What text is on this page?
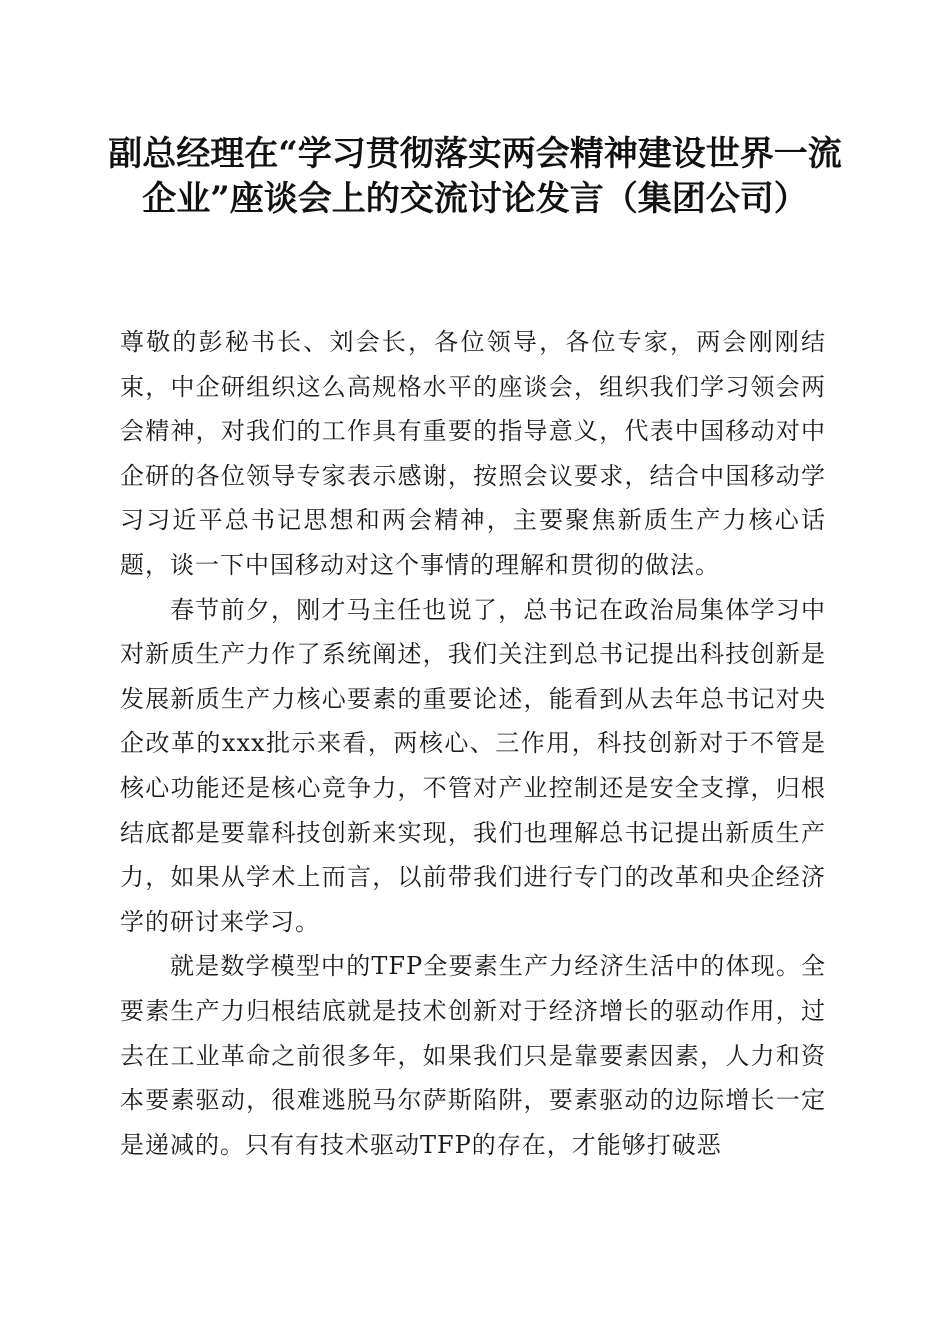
副总经理在“学习贯彻落实两会精神建设世界一流企业”座谈会上的交流讨论发言（集团公司）

尊敬的彭秘书长、刘会长，各位领导，各位专家，两会刚刚结束，中企研组织这么高规格水平的座谈会，组织我们学习领会两会精神，对我们的工作具有重要的指导意义，代表中国移动对中企研的各位领导专家表示感谢，按照会议要求，结合中国移动学习习近平总书记思想和两会精神，主要聚焦新质生产力核心话题，谈一下中国移动对这个事情的理解和贯彻的做法。

春节前夕，刚才马主任也说了，总书记在政治局集体学习中对新质生产力作了系统阐述，我们关注到总书记提出科技创新是发展新质生产力核心要素的重要论述，能看到从去年总书记对央企改革的xxx批示来看，两核心、三作用，科技创新对于不管是核心功能还是核心竞争力，不管对产业控制还是安全支撑，归根结底都是要靠科技创新来实现，我们也理解总书记提出新质生产力，如果从学术上而言，以前带我们进行专门的改革和央企经济学的研讨来学习。

就是数学模型中的TFP全要素生产力经济生活中的体现。全要素生产力归根结底就是技术创新对于经济增长的驱动作用，过去在工业革命之前很多年，如果我们只是靠要素因素，人力和资本要素驱动，很难逃脱马尔萨斯陷阱，要素驱动的边际增长一定是递减的。只有有技术驱动TFP的存在，才能够打破恶
